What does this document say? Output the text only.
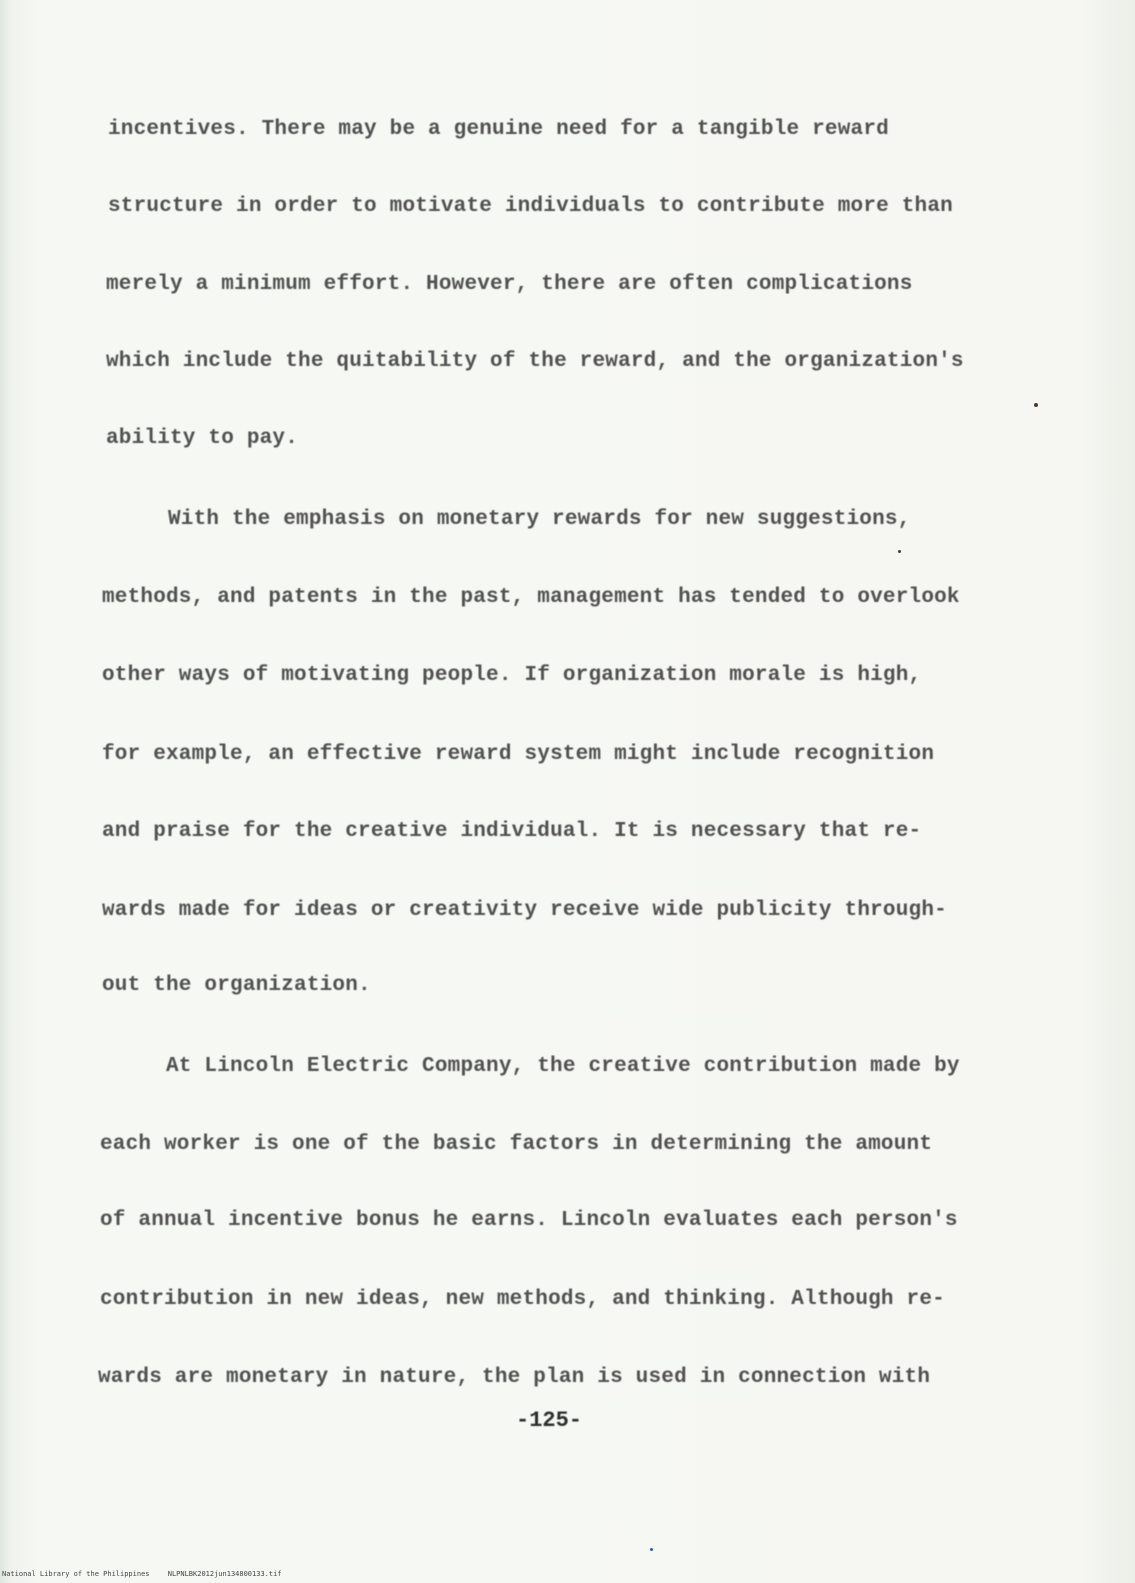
incentives. There may be a genuine need for a tangible reward
structure in order to motivate individuals to contribute more than
merely a minimum effort. However, there are often complications
which include the quitability of the reward, and the organization's
ability to pay.
With the emphasis on monetary rewards for new suggestions,
methods, and patents in the past, management has tended to overlook
other ways of motivating people. If organization morale is high,
for example, an effective reward system might include recognition
and praise for the creative individual. It is necessary that re-
wards made for ideas or creativity receive wide publicity through-
out the organization.
At Lincoln Electric Company, the creative contribution made by
each worker is one of the basic factors in determining the amount
of annual incentive bonus he earns. Lincoln evaluates each person's
contribution in new ideas, new methods, and thinking. Although re-
wards are monetary in nature, the plan is used in connection with
-125-
National Library of the Philippines	NLPNLBK2012jun134800133.tif
